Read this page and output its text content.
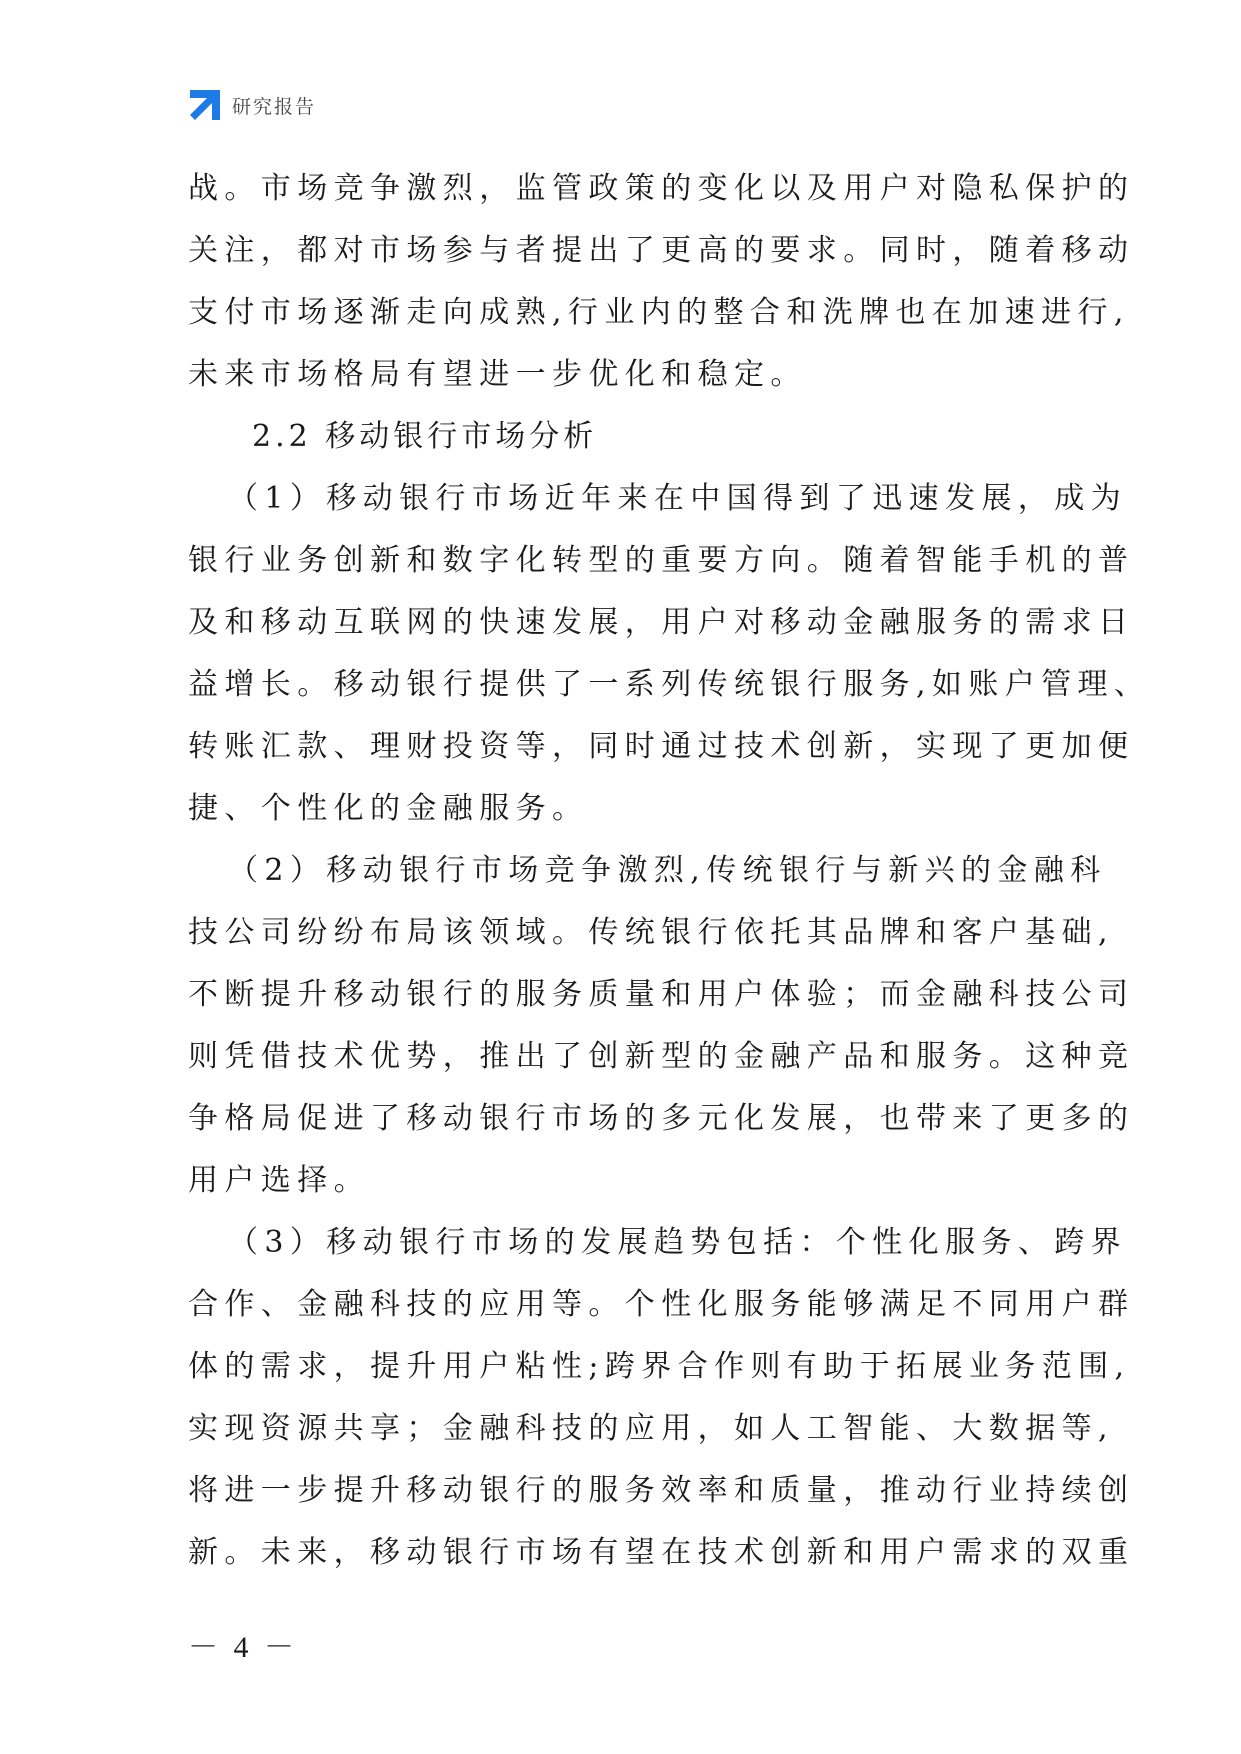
研究报告
战。市场竞争激烈，监管政策的变化以及用户对隐私保护的
关注，都对市场参与者提出了更高的要求。同时，随着移动
支付市场逐渐走向成熟,行业内的整合和洗牌也在加速进行,
未来市场格局有望进一步优化和稳定。
2.2 移动银行市场分析
（1）移动银行市场近年来在中国得到了迅速发展，成为
银行业务创新和数字化转型的重要方向。随着智能手机的普
及和移动互联网的快速发展，用户对移动金融服务的需求日
益增长。移动银行提供了一系列传统银行服务,如账户管理、
转账汇款、理财投资等，同时通过技术创新，实现了更加便
捷、个性化的金融服务。
（2）移动银行市场竞争激烈,传统银行与新兴的金融科
技公司纷纷布局该领域。传统银行依托其品牌和客户基础,
不断提升移动银行的服务质量和用户体验；而金融科技公司
则凭借技术优势，推出了创新型的金融产品和服务。这种竞
争格局促进了移动银行市场的多元化发展，也带来了更多的
用户选择。
（3）移动银行市场的发展趋势包括：个性化服务、跨界
合作、金融科技的应用等。个性化服务能够满足不同用户群
体的需求，提升用户粘性;跨界合作则有助于拓展业务范围,
实现资源共享；金融科技的应用，如人工智能、大数据等,
将进一步提升移动银行的服务效率和质量，推动行业持续创
新。未来，移动银行市场有望在技术创新和用户需求的双重
－ 4 －
